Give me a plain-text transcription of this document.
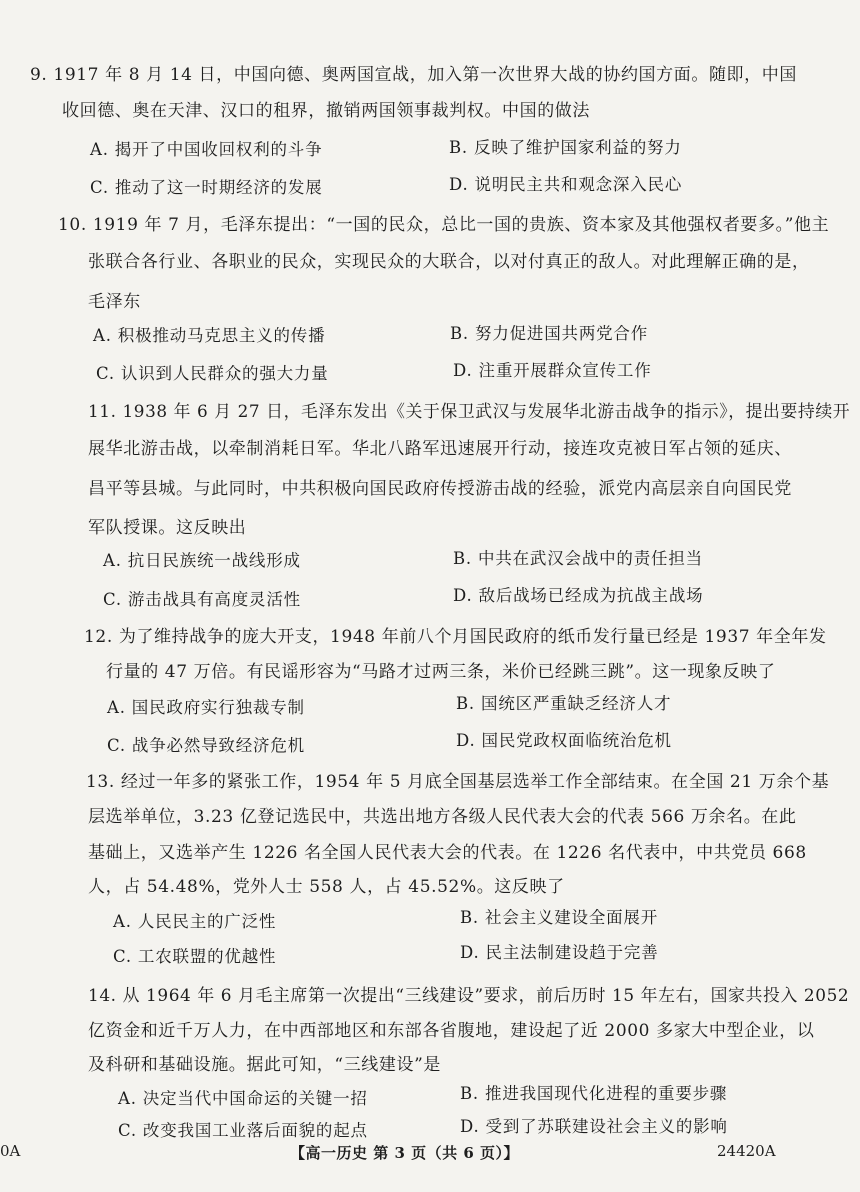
9. 1917 年 8 月 14 日，中国向德、奥两国宣战，加入第一次世界大战的协约国方面。随即，中国
收回德、奥在天津、汉口的租界，撤销两国领事裁判权。中国的做法
A. 揭开了中国收回权利的斗争	B. 反映了维护国家利益的努力
C. 推动了这一时期经济的发展	D. 说明民主共和观念深入民心
10. 1919 年 7 月，毛泽东提出：“一国的民众，总比一国的贵族、资本家及其他强权者要多。”他主
张联合各行业、各职业的民众，实现民众的大联合，以对付真正的敌人。对此理解正确的是，
毛泽东
A. 积极推动马克思主义的传播	B. 努力促进国共两党合作
C. 认识到人民群众的强大力量	D. 注重开展群众宣传工作
11. 1938 年 6 月 27 日，毛泽东发出《关于保卫武汉与发展华北游击战争的指示》，提出要持续开
展华北游击战，以牵制消耗日军。华北八路军迅速展开行动，接连攻克被日军占领的延庆、
昌平等县城。与此同时，中共积极向国民政府传授游击战的经验，派党内高层亲自向国民党
军队授课。这反映出
A. 抗日民族统一战线形成	B. 中共在武汉会战中的责任担当
C. 游击战具有高度灵活性	D. 敌后战场已经成为抗战主战场
12. 为了维持战争的庞大开支，1948 年前八个月国民政府的纸币发行量已经是 1937 年全年发
行量的 47 万倍。有民谣形容为“马路才过两三条，米价已经跳三跳”。这一现象反映了
A. 国民政府实行独裁专制	B. 国统区严重缺乏经济人才
C. 战争必然导致经济危机	D. 国民党政权面临统治危机
13. 经过一年多的紧张工作，1954 年 5 月底全国基层选举工作全部结束。在全国 21 万余个基
层选举单位，3.23 亿登记选民中，共选出地方各级人民代表大会的代表 566 万余名。在此
基础上，又选举产生 1226 名全国人民代表大会的代表。在 1226 名代表中，中共党员 668
人，占 54.48%，党外人士 558 人，占 45.52%。这反映了
A. 人民民主的广泛性	B. 社会主义建设全面展开
C. 工农联盟的优越性	D. 民主法制建设趋于完善
14. 从 1964 年 6 月毛主席第一次提出“三线建设”要求，前后历时 15 年左右，国家共投入 2052
亿资金和近千万人力，在中西部地区和东部各省腹地，建设起了近 2000 多家大中型企业，以
及科研和基础设施。据此可知，“三线建设”是
A. 决定当代中国命运的关键一招	B. 推进我国现代化进程的重要步骤
C. 改变我国工业落后面貌的起点	D. 受到了苏联建设社会主义的影响
0A	【高一历史 第 3 页（共 6 页）】	24420A
